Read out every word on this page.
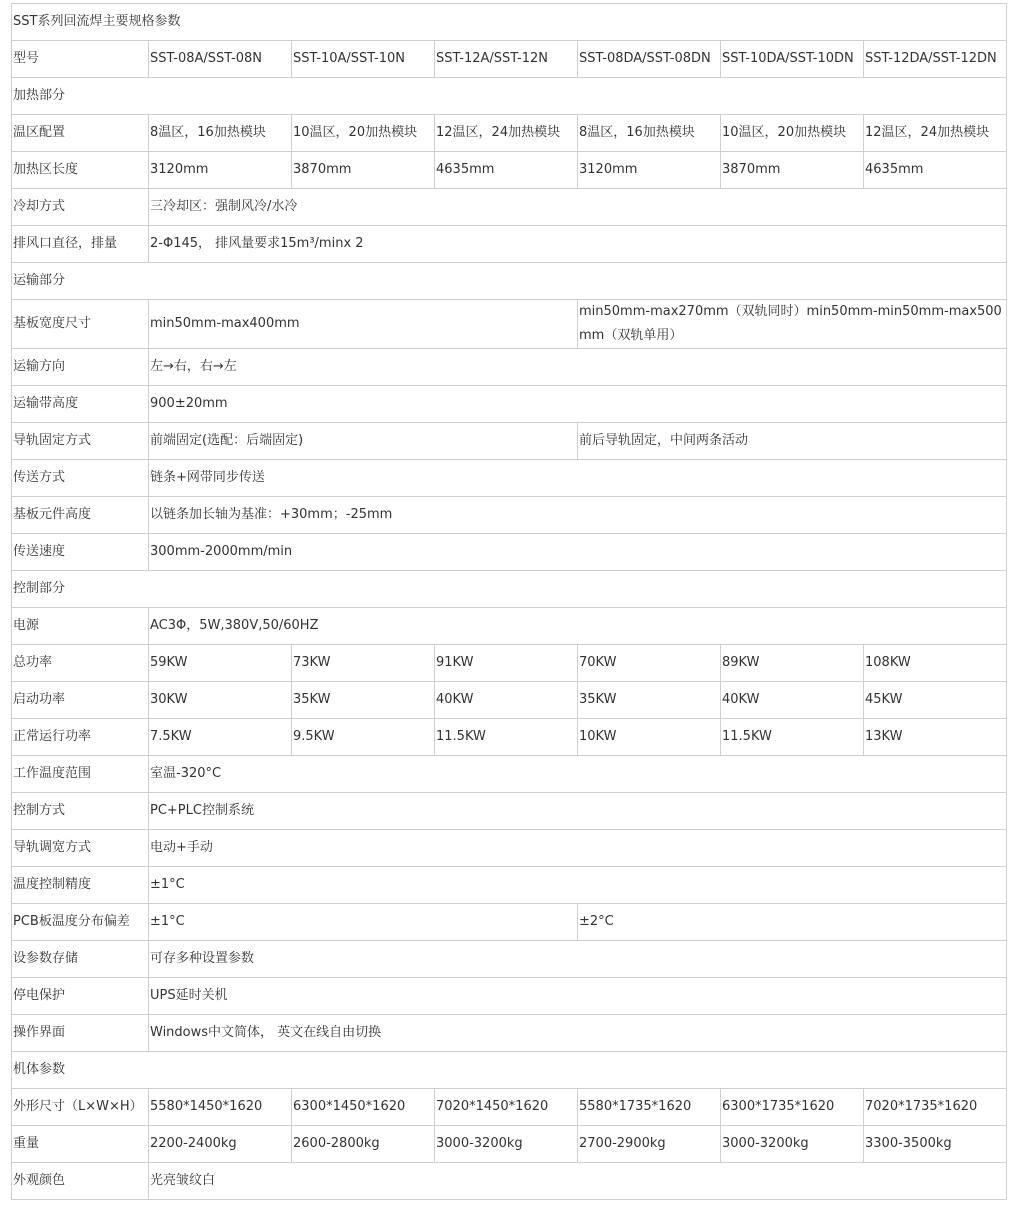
SST系列回流焊主要规格参数						
型号	SST-08A/SST-08N	SST-10A/SST-10N	SST-12A/SST-12N	SST-08DA/SST-08DN	SST-10DA/SST-10DN	SST-12DA/SST-12DN
加热部分						
温区配置	8温区，16加热模块	10温区，20加热模块	12温区，24加热模块	8温区，16加热模块	10温区，20加热模块	12温区，24加热模块
加热区长度	3120mm	3870mm	4635mm	3120mm	3870mm	4635mm
冷却方式	三冷却区：强制风冷/水冷					
排风口直径，排量	2-Φ145， 排风量要求15m³/minx 2					
运输部分						
基板宽度尺寸	min50mm-max400mm			min50mm-max270mm（双轨同时）min50mm-min50mm-max500mm（双轨单用）		
运输方向	左→右，右→左					
运输带高度	900±20mm					
导轨固定方式	前端固定(选配：后端固定)			前后导轨固定，中间两条活动		
传送方式	链条+网带同步传送					
基板元件高度	以链条加长轴为基准：+30mm；-25mm					
传送速度	300mm-2000mm/min					
控制部分						
电源	AC3Φ，5W,380V,50/60HZ					
总功率	59KW	73KW	91KW	70KW	89KW	108KW
启动功率	30KW	35KW	40KW	35KW	40KW	45KW
正常运行功率	7.5KW	9.5KW	11.5KW	10KW	11.5KW	13KW
工作温度范围	室温-320°C					
控制方式	PC+PLC控制系统					
导轨调宽方式	电动+手动					
温度控制精度	±1°C					
PCB板温度分布偏差	±1°C			±2°C		
设参数存储	可存多种设置参数					
停电保护	UPS延时关机					
操作界面	Windows中文简体， 英文在线自由切换					
机体参数						
外形尺寸（L×W×H）	5580*1450*1620	6300*1450*1620	7020*1450*1620	5580*1735*1620	6300*1735*1620	7020*1735*1620
重量	2200-2400kg	2600-2800kg	3000-3200kg	2700-2900kg	3000-3200kg	3300-3500kg
外观颜色	光亮皱纹白					
